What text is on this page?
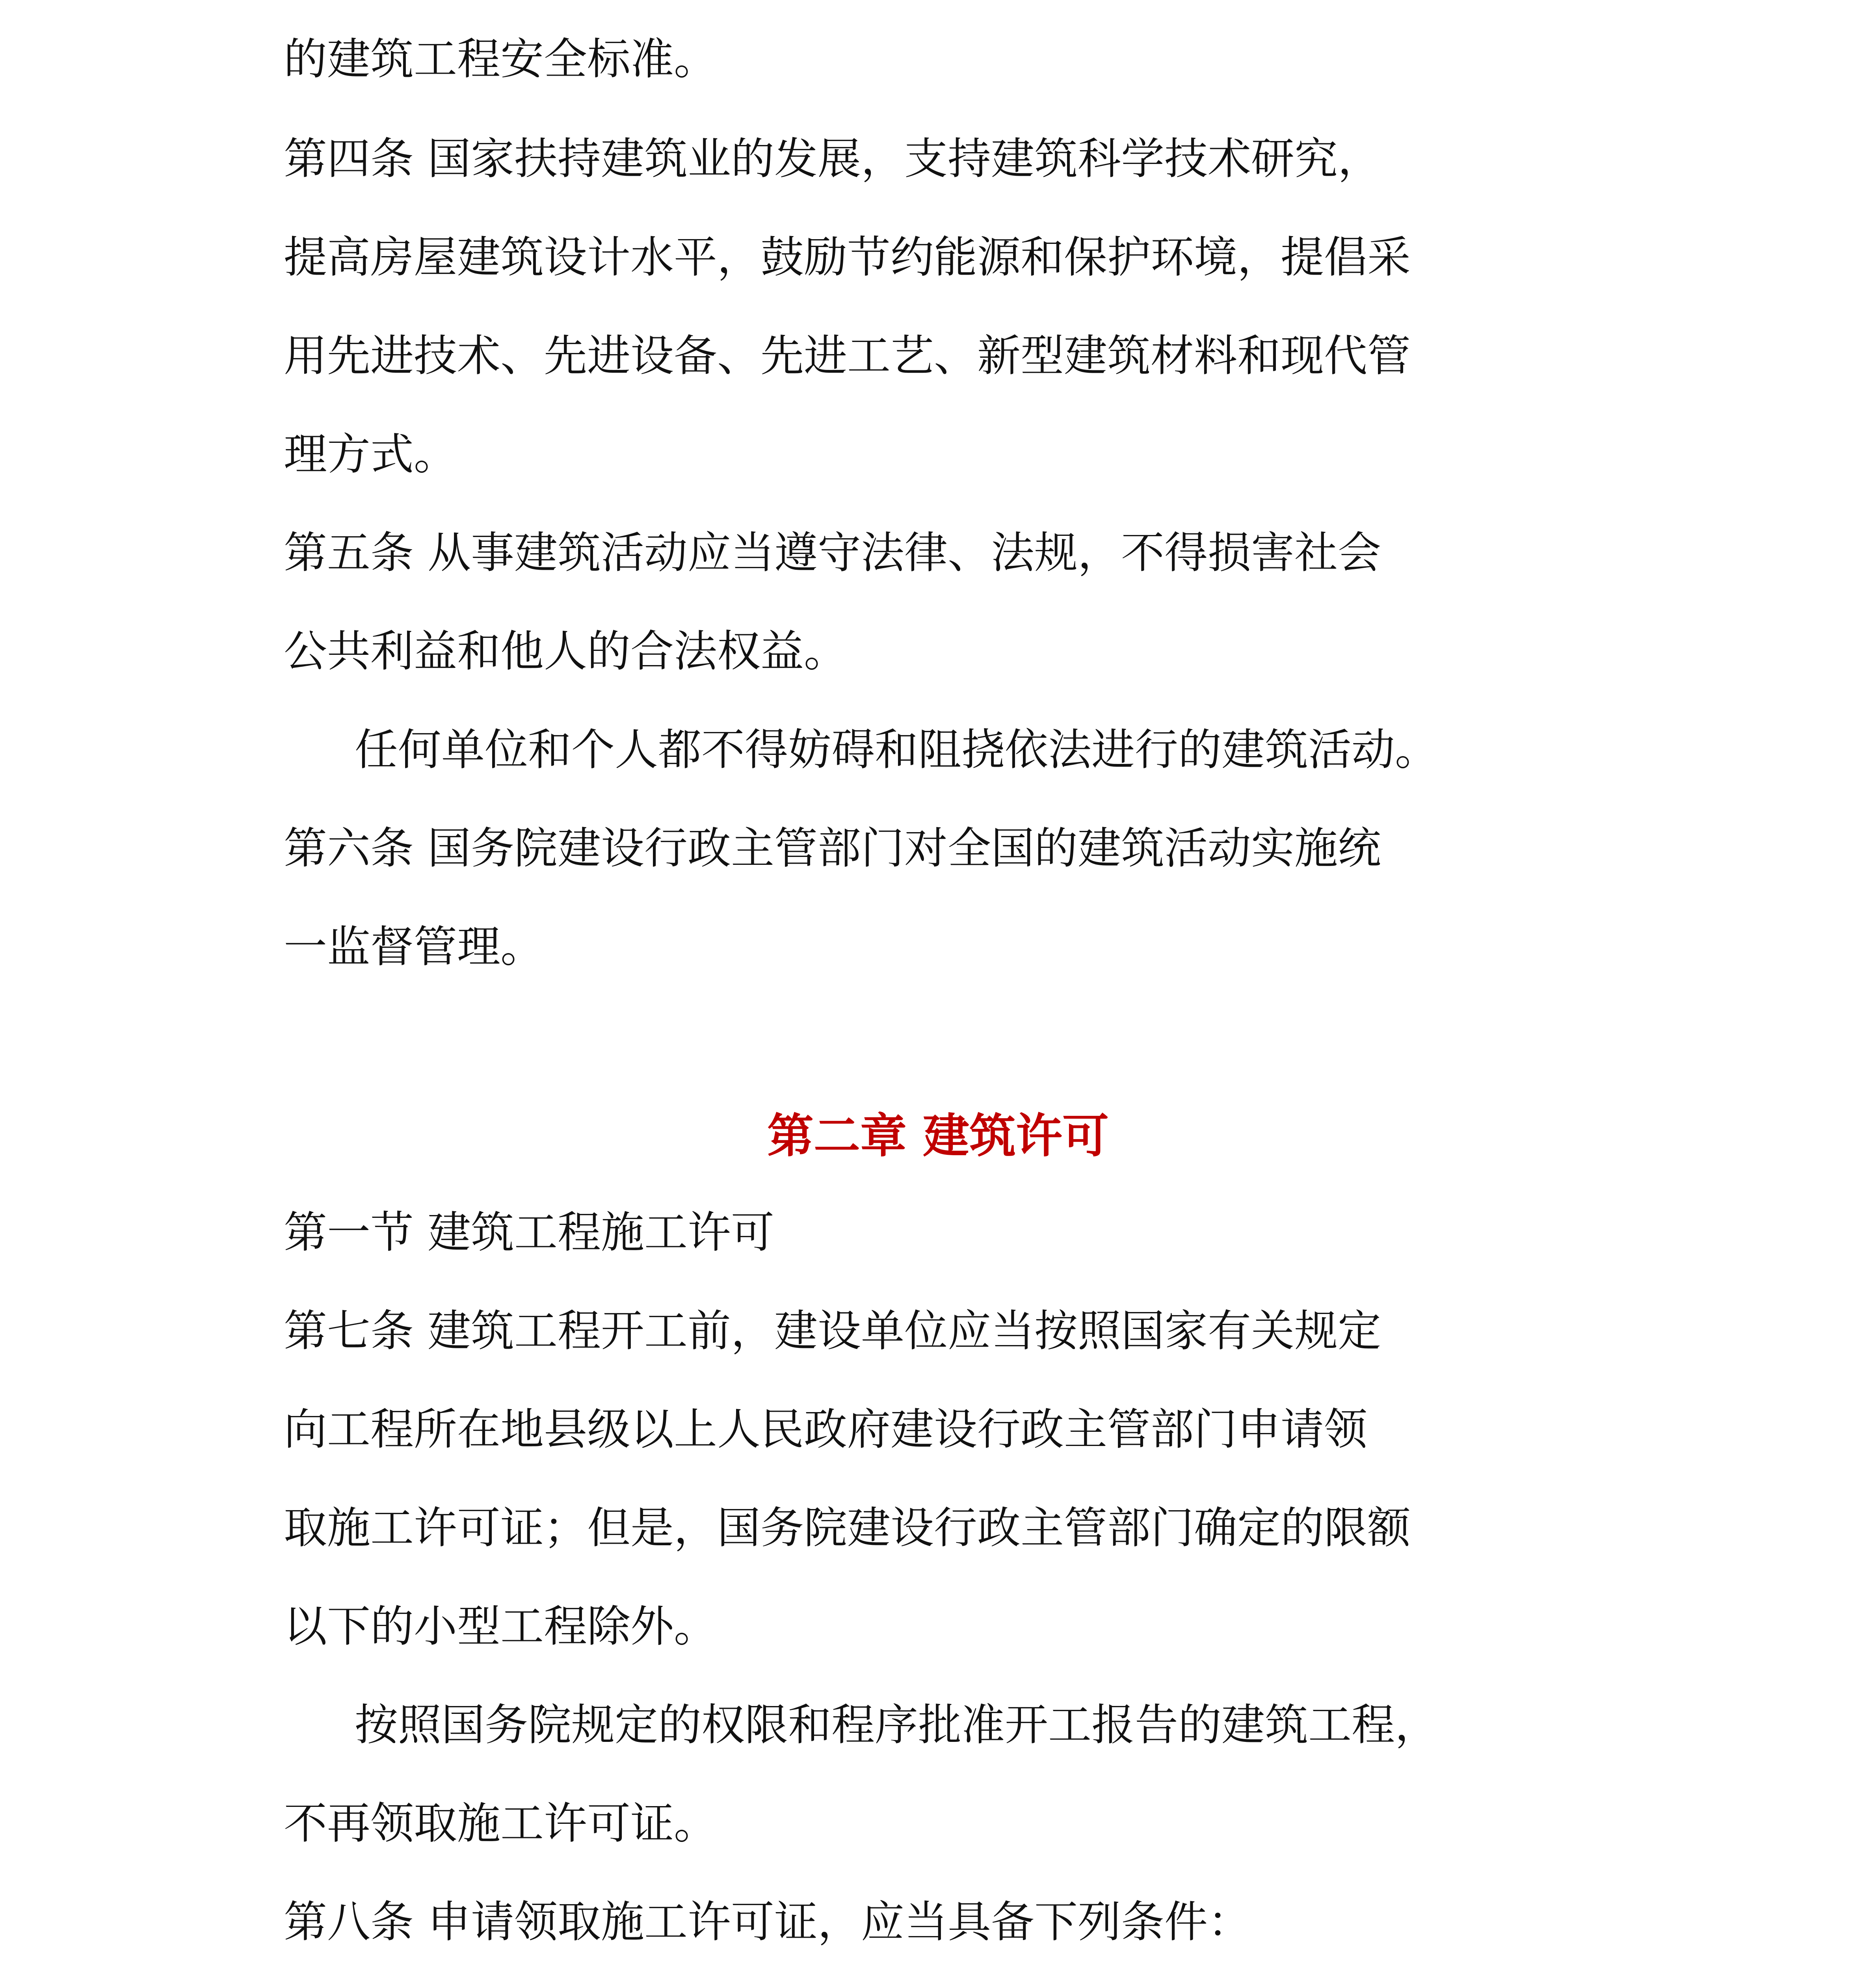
的建筑工程安全标准。
第四条 国家扶持建筑业的发展，支持建筑科学技术研究，
提高房屋建筑设计水平，鼓励节约能源和保护环境，提倡采
用先进技术、先进设备、先进工艺、新型建筑材料和现代管
理方式。
第五条 从事建筑活动应当遵守法律、法规，不得损害社会
公共利益和他人的合法权益。
任何单位和个人都不得妨碍和阻挠依法进行的建筑活动。
第六条 国务院建设行政主管部门对全国的建筑活动实施统
一监督管理。
第二章 建筑许可
第一节 建筑工程施工许可
第七条 建筑工程开工前，建设单位应当按照国家有关规定
向工程所在地县级以上人民政府建设行政主管部门申请领
取施工许可证；但是，国务院建设行政主管部门确定的限额
以下的小型工程除外。
按照国务院规定的权限和程序批准开工报告的建筑工程，
不再领取施工许可证。
第八条 申请领取施工许可证，应当具备下列条件：
